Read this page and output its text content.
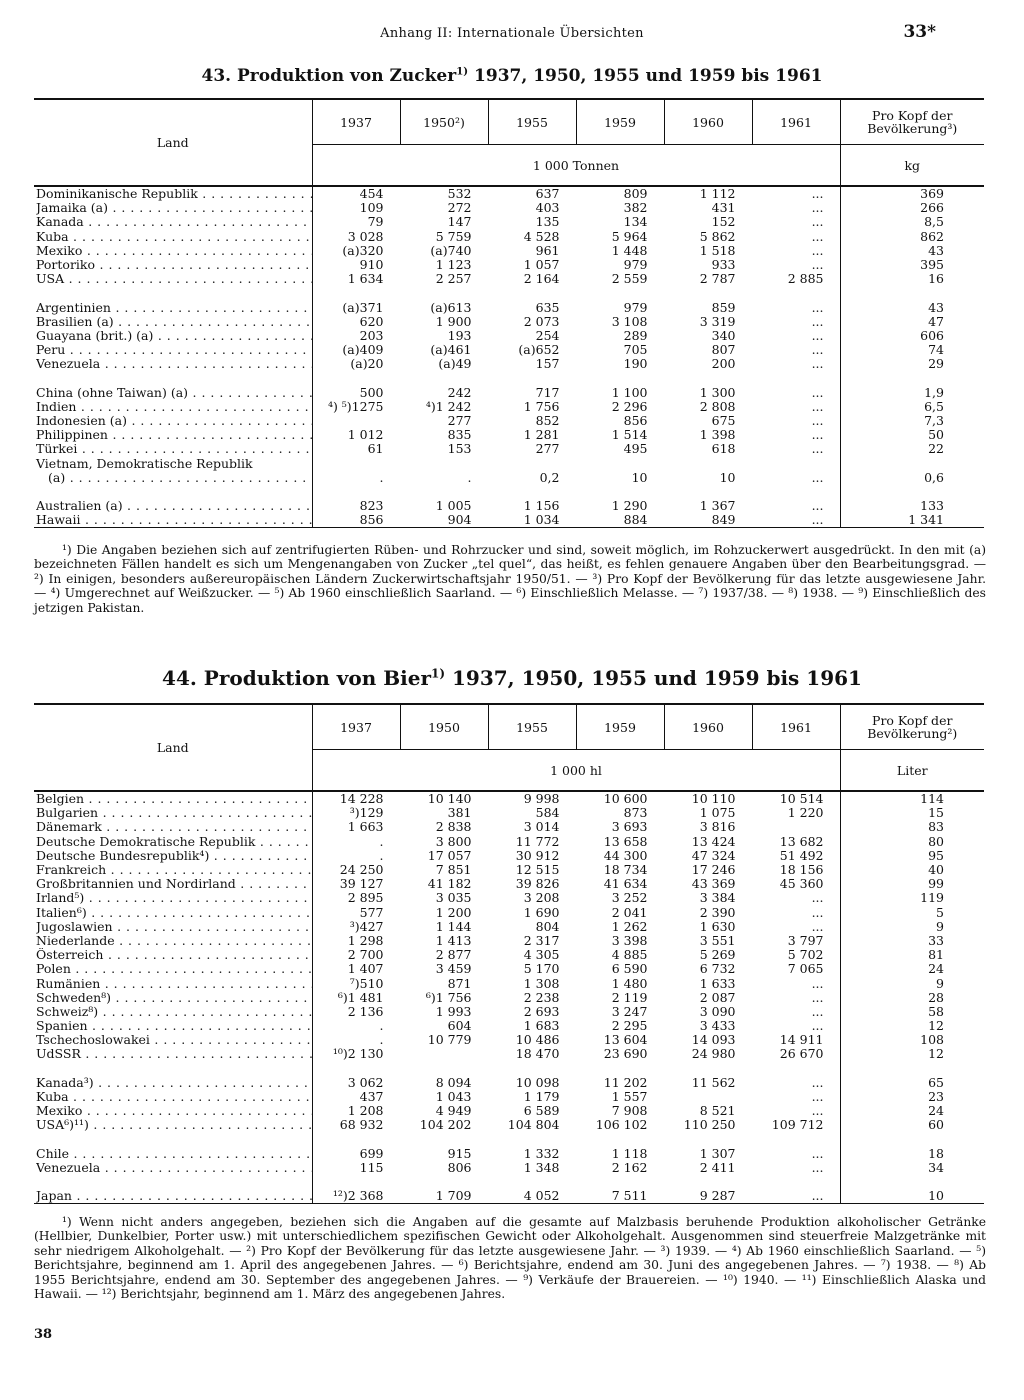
Anhang II: Internationale Übersichten	33*
43. Produktion von Zucker$^{1)}$ 1937, 1950, 1955 und 1959 bis 1961
Land	1937	1950²)	1955	1959	1960	1961	Pro Kopf der Bevölkerung³)
	1 000 Tonnen						kg

Dominikanische Republik . . .	454	532	637	809	1 112	...	369

Jamaika (a) . . .	109	272	403	382	431	...	266

Kanada . . .	79	147	135	134	152	...	8,5

Kuba . . .	3 028	5 759	4 528	5 964	5 862	...	862

Mexiko . . .	(a)320	(a)740	961	1 448	1 518	...	43

Portoriko . . .	910	1 123	1 057	979	933	...	395

USA . . .	1 634	2 257	2 164	2 559	2 787	2 885	16

Argentinien . . .	(a)371	(a)613	635	979	859	...	43

Brasilien (a) . . .	620	1 900	2 073	3 108	3 319	...	47

Guayana (brit.) (a) . . .	203	193	254	289	340	...	606

Peru . . .	(a)409	(a)461	(a)652	705	807	...	74

Venezuela . . .	(a)20	(a)49	157	190	200	...	29

China (ohne Taiwan) (a) . . .	500	242	717	1 100	1 300	...	1,9

Indien . . .	⁴) ⁵)1275	⁴)1 242	1 756	2 296	2 808	...	6,5

Indonesien (a) . . .		277	852	856	675	...	7,3

Philippinen . . .	1 012	835	1 281	1 514	1 398	...	50

Türkei . . .	61	153	277	495	618	...	22

Vietnam, Demokratische Republik
(a) . . .	.	.	0,2	10	10	...	0,6

Australien (a) . . .	823	1 005	1 156	1 290	1 367	...	133

Hawaii . . .	856	904	1 034	884	849	...	1 341
¹) Die Angaben beziehen sich auf zentrifugierten Rüben- und Rohrzucker und sind, soweit möglich, im Rohzuckerwert ausgedrückt. In den mit (a) bezeichneten Fällen handelt es sich um Mengenangaben von Zucker „tel quel“, das heißt, es fehlen genauere Angaben über den Bearbeitungsgrad. — ²) In einigen, besonders außereuropäischen Ländern Zuckerwirtschaftsjahr 1950/51. — ³) Pro Kopf der Bevölkerung für das letzte ausgewiesene Jahr. — ⁴) Umgerechnet auf Weißzucker. — ⁵) Ab 1960 einschließlich Saarland. — ⁶) Einschließlich Melasse. — ⁷) 1937/38. — ⁸) 1938. — ⁹) Einschließlich des jetzigen Pakistan.
44. Produktion von Bier$^{1)}$ 1937, 1950, 1955 und 1959 bis 1961
Land	1937	1950	1955	1959	1960	1961	Pro Kopf der Bevölkerung²)
	1 000 hl						Liter

Belgien . . .	14 228	10 140	9 998	10 600	10 110	10 514	114

Bulgarien . . .	³)129	381	584	873	1 075	1 220	15

Dänemark . . .	1 663	2 838	3 014	3 693	3 816		83

Deutsche Demokratische Republik . . .	.	3 800	11 772	13 658	13 424	13 682	80

Deutsche Bundesrepublik⁴) . . .	.	17 057	30 912	44 300	47 324	51 492	95

Frankreich . . .	24 250	7 851	12 515	18 734	17 246	18 156	40

Großbritannien und Nordirland . . .	39 127	41 182	39 826	41 634	43 369	45 360	99

Irland⁵) . . .	2 895	3 035	3 208	3 252	3 384	...	119

Italien⁶) . . .	577	1 200	1 690	2 041	2 390	...	5

Jugoslawien . . .	³)427	1 144	804	1 262	1 630	...	9

Niederlande . . .	1 298	1 413	2 317	3 398	3 551	3 797	33

Österreich . . .	2 700	2 877	4 305	4 885	5 269	5 702	81

Polen . . .	1 407	3 459	5 170	6 590	6 732	7 065	24

Rumänien . . .	⁷)510	871	1 308	1 480	1 633	...	9

Schweden⁸) . . .	⁶)1 481	⁶)1 756	2 238	2 119	2 087	...	28

Schweiz⁸) . . .	2 136	1 993	2 693	3 247	3 090	...	58

Spanien . . .	.	604	1 683	2 295	3 433	...	12

Tschechoslowakei . . .	.	10 779	10 486	13 604	14 093	14 911	108

UdSSR . . .	¹⁰)2 130		18 470	23 690	24 980	26 670	12

Kanada³) . . .	3 062	8 094	10 098	11 202	11 562	...	65

Kuba . . .	437	1 043	1 179	1 557		...	23

Mexiko . . .	1 208	4 949	6 589	7 908	8 521	...	24

USA⁶)¹¹) . . .	68 932	104 202	104 804	106 102	110 250	109 712	60

Chile . . .	699	915	1 332	1 118	1 307	...	18

Venezuela . . .	115	806	1 348	2 162	2 411	...	34

Japan . . .	¹²)2 368	1 709	4 052	7 511	9 287	...	10
¹) Wenn nicht anders angegeben, beziehen sich die Angaben auf die gesamte auf Malzbasis beruhende Produktion alkoholischer Getränke (Hellbier, Dunkelbier, Porter usw.) mit unterschiedlichem spezifischen Gewicht oder Alkoholgehalt. Ausgenommen sind steuerfreie Malzgetränke mit sehr niedrigem Alkoholgehalt. — ²) Pro Kopf der Bevölkerung für das letzte ausgewiesene Jahr. — ³) 1939. — ⁴) Ab 1960 einschließlich Saarland. — ⁵) Berichtsjahre, beginnend am 1. April des angegebenen Jahres. — ⁶) Berichtsjahre, endend am 30. Juni des angegebenen Jahres. — ⁷) 1938. — ⁸) Ab 1955 Berichtsjahre, endend am 30. September des angegebenen Jahres. — ⁹) Verkäufe der Brauereien. — ¹⁰) 1940. — ¹¹) Einschließlich Alaska und Hawaii. — ¹²) Berichtsjahr, beginnend am 1. März des angegebenen Jahres.
38
